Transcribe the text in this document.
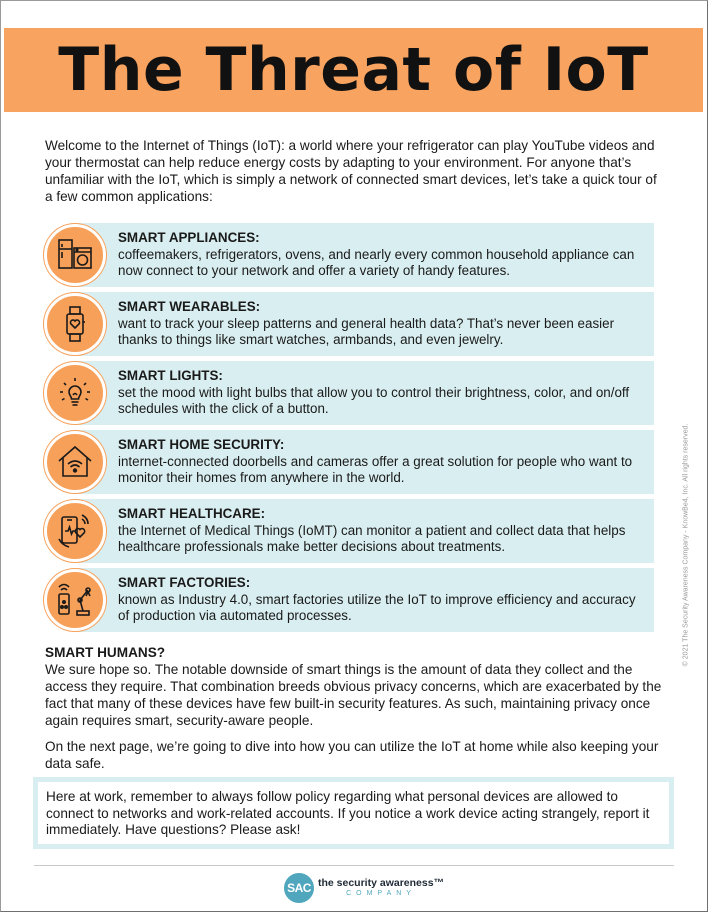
The Threat of IoT

Welcome to the Internet of Things (IoT): a world where your refrigerator can play YouTube videos and your thermostat can help reduce energy costs by adapting to your environment. For anyone that’s unfamiliar with the IoT, which is simply a network of connected smart devices, let’s take a quick tour of a few common applications:

SMART APPLIANCES:
coffeemakers, refrigerators, ovens, and nearly every common household appliance can now connect to your network and offer a variety of handy features.

SMART WEARABLES:
want to track your sleep patterns and general health data? That’s never been easier thanks to things like smart watches, armbands, and even jewelry.

SMART LIGHTS:
set the mood with light bulbs that allow you to control their brightness, color, and on/off schedules with the click of a button.

SMART HOME SECURITY:
internet-connected doorbells and cameras offer a great solution for people who want to monitor their homes from anywhere in the world.

SMART HEALTHCARE:
the Internet of Medical Things (IoMT) can monitor a patient and collect data that helps healthcare professionals make better decisions about treatments.

SMART FACTORIES:
known as Industry 4.0, smart factories utilize the IoT to improve efficiency and accuracy of production via automated processes.

SMART HUMANS?
We sure hope so. The notable downside of smart things is the amount of data they collect and the access they require. That combination breeds obvious privacy concerns, which are exacerbated by the fact that many of these devices have few built-in security features. As such, maintaining privacy once again requires smart, security-aware people.

On the next page, we’re going to dive into how you can utilize the IoT at home while also keeping your data safe.

Here at work, remember to always follow policy regarding what personal devices are allowed to connect to networks and work-related accounts. If you notice a work device acting strangely, report it immediately. Have questions? Please ask!
SAC the security awareness™
COMPANY
© 2021 The Security Awareness Company - KnowBe4, Inc. All rights reserved.
